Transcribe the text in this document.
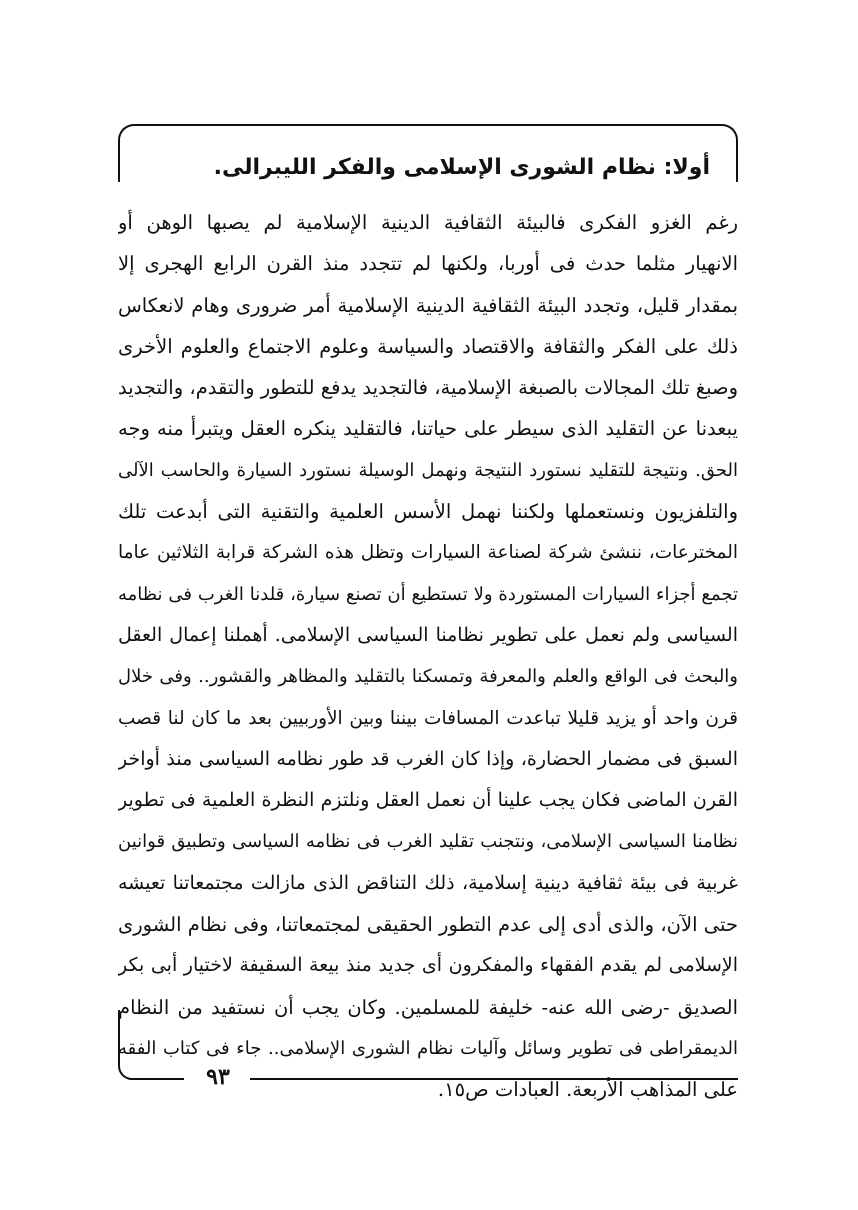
أولا: نظام الشورى الإسلامى والفكر الليبرالى.
رغم الغزو الفكرى فالبيئة الثقافية الدينية الإسلامية لم يصبها الوهن أو
الانهيار مثلما حدث فى أوربا، ولكنها لم تتجدد منذ القرن الرابع الهجرى إلا
بمقدار قليل، وتجدد البيئة الثقافية الدينية الإسلامية أمر ضرورى وهام لانعكاس
ذلك على الفكر والثقافة والاقتصاد والسياسة وعلوم الاجتماع والعلوم الأخرى
وصبغ تلك المجالات بالصبغة الإسلامية، فالتجديد يدفع للتطور والتقدم، والتجديد
يبعدنا عن التقليد الذى سيطر على حياتنا، فالتقليد ينكره العقل ويتبرأ منه وجه
الحق. ونتيجة للتقليد نستورد النتيجة ونهمل الوسيلة نستورد السيارة والحاسب الآلى
والتلفزيون ونستعملها ولكننا نهمل الأسس العلمية والتقنية التى أبدعت تلك
المخترعات، ننشئ شركة لصناعة السيارات وتظل هذه الشركة قرابة الثلاثين عاما
تجمع أجزاء السيارات المستوردة ولا تستطيع أن تصنع سيارة، قلدنا الغرب فى نظامه
السياسى ولم نعمل على تطوير نظامنا السياسى الإسلامى. أهملنا إعمال العقل
والبحث فى الواقع والعلم والمعرفة وتمسكنا بالتقليد والمظاهر والقشور.. وفى خلال
قرن واحد أو يزيد قليلا تباعدت المسافات بيننا وبين الأوربيين بعد ما كان لنا قصب
السبق فى مضمار الحضارة، وإذا كان الغرب قد طور نظامه السياسى منذ أواخر
القرن الماضى فكان يجب علينا أن نعمل العقل ونلتزم النظرة العلمية فى تطوير
نظامنا السياسى الإسلامى، ونتجنب تقليد الغرب فى نظامه السياسى وتطبيق قوانين
غربية فى بيئة ثقافية دينية إسلامية، ذلك التناقض الذى مازالت مجتمعاتنا تعيشه
حتى الآن، والذى أدى إلى عدم التطور الحقيقى لمجتمعاتنا، وفى نظام الشورى
الإسلامى لم يقدم الفقهاء والمفكرون أى جديد منذ بيعة السقيفة لاختيار أبى بكر
الصديق -رضى الله عنه- خليفة للمسلمين. وكان يجب أن نستفيد من النظام
الديمقراطى فى تطوير وسائل وآليات نظام الشورى الإسلامى.. جاء فى كتاب الفقه
على المذاهب الأربعة. العبادات ص١٥.
٩٣
